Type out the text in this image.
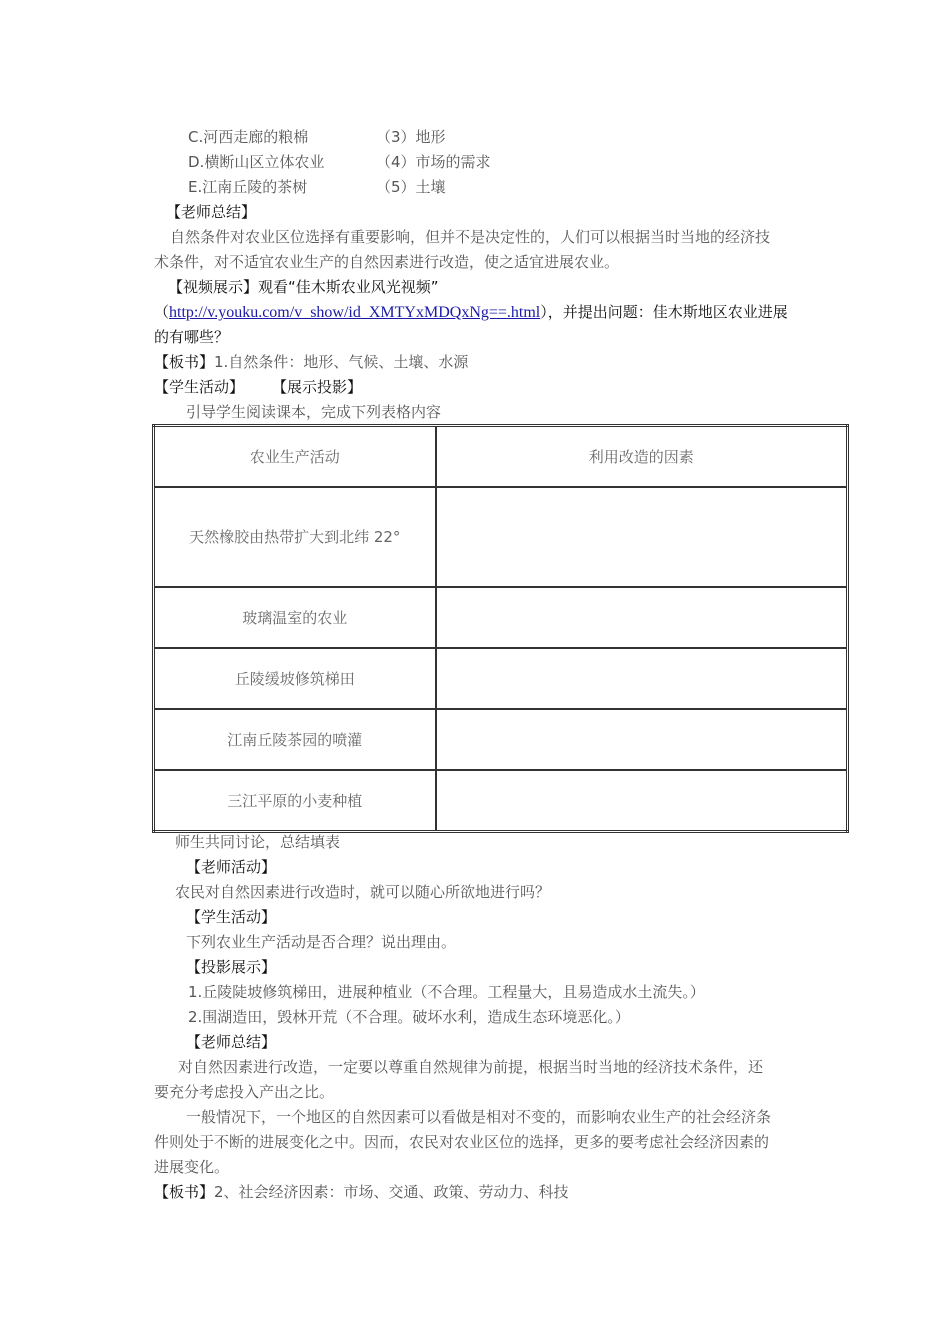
C.河西走廊的粮棉	（3）地形
D.横断山区立体农业	（4）市场的需求
E.江南丘陵的茶树	（5）土壤
【老师总结】
自然条件对农业区位选择有重要影响，但并不是决定性的，人们可以根据当时当地的经济技
术条件，对不适宜农业生产的自然因素进行改造，使之适宜进展农业。
【视频展示】观看“佳木斯农业风光视频”
（http://v.youku.com/v_show/id_XMTYxMDQxNg==.html），并提出问题：佳木斯地区农业进展
的有哪些？
【板书】1.自然条件：地形、气候、土壤、水源
【学生活动】 【展示投影】
引导学生阅读课本，完成下列表格内容
农业生产活动	利用改造的因素
天然橡胶由热带扩大到北纬 22°	
玻璃温室的农业	
丘陵缓坡修筑梯田	
江南丘陵茶园的喷灌	
三江平原的小麦种植	
师生共同讨论，总结填表
【老师活动】
农民对自然因素进行改造时，就可以随心所欲地进行吗？
【学生活动】
下列农业生产活动是否合理？说出理由。
【投影展示】
1.丘陵陡坡修筑梯田，进展种植业（不合理。工程量大，且易造成水土流失。）
2.围湖造田，毁林开荒（不合理。破坏水利，造成生态环境恶化。）
【老师总结】
对自然因素进行改造，一定要以尊重自然规律为前提，根据当时当地的经济技术条件，还
要充分考虑投入产出之比。
一般情况下，一个地区的自然因素可以看做是相对不变的，而影响农业生产的社会经济条
件则处于不断的进展变化之中。因而，农民对农业区位的选择，更多的要考虑社会经济因素的
进展变化。
【板书】2、社会经济因素：市场、交通、政策、劳动力、科技
